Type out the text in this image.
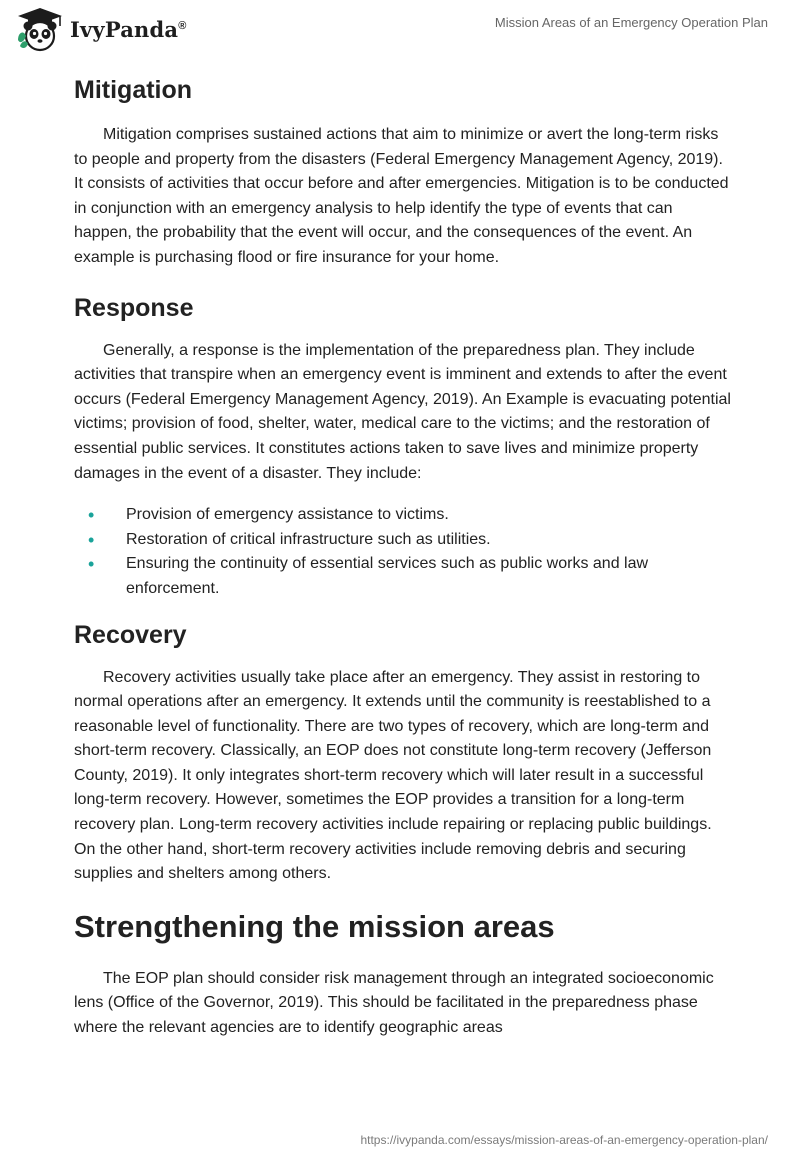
IvyPanda®	Mission Areas of an Emergency Operation Plan
Mitigation

Mitigation comprises sustained actions that aim to minimize or avert the long-term risks to people and property from the disasters (Federal Emergency Management Agency, 2019). It consists of activities that occur before and after emergencies. Mitigation is to be conducted in conjunction with an emergency analysis to help identify the type of events that can happen, the probability that the event will occur, and the consequences of the event. An example is purchasing flood or fire insurance for your home.

Response

Generally, a response is the implementation of the preparedness plan. They include activities that transpire when an emergency event is imminent and extends to after the event occurs (Federal Emergency Management Agency, 2019). An Example is evacuating potential victims; provision of food, shelter, water, medical care to the victims; and the restoration of essential public services. It constitutes actions taken to save lives and minimize property damages in the event of a disaster. They include:

• Provision of emergency assistance to victims.
• Restoration of critical infrastructure such as utilities.
• Ensuring the continuity of essential services such as public works and law enforcement.
Recovery

Recovery activities usually take place after an emergency. They assist in restoring to normal operations after an emergency. It extends until the community is reestablished to a reasonable level of functionality. There are two types of recovery, which are long-term and short-term recovery. Classically, an EOP does not constitute long-term recovery (Jefferson County, 2019). It only integrates short-term recovery which will later result in a successful long-term recovery. However, sometimes the EOP provides a transition for a long-term recovery plan. Long-term recovery activities include repairing or replacing public buildings. On the other hand, short-term recovery activities include removing debris and securing supplies and shelters among others.

Strengthening the mission areas

The EOP plan should consider risk management through an integrated socioeconomic lens (Office of the Governor, 2019). This should be facilitated in the preparedness phase where the relevant agencies are to identify geographic areas

https://ivypanda.com/essays/mission-areas-of-an-emergency-operation-plan/
